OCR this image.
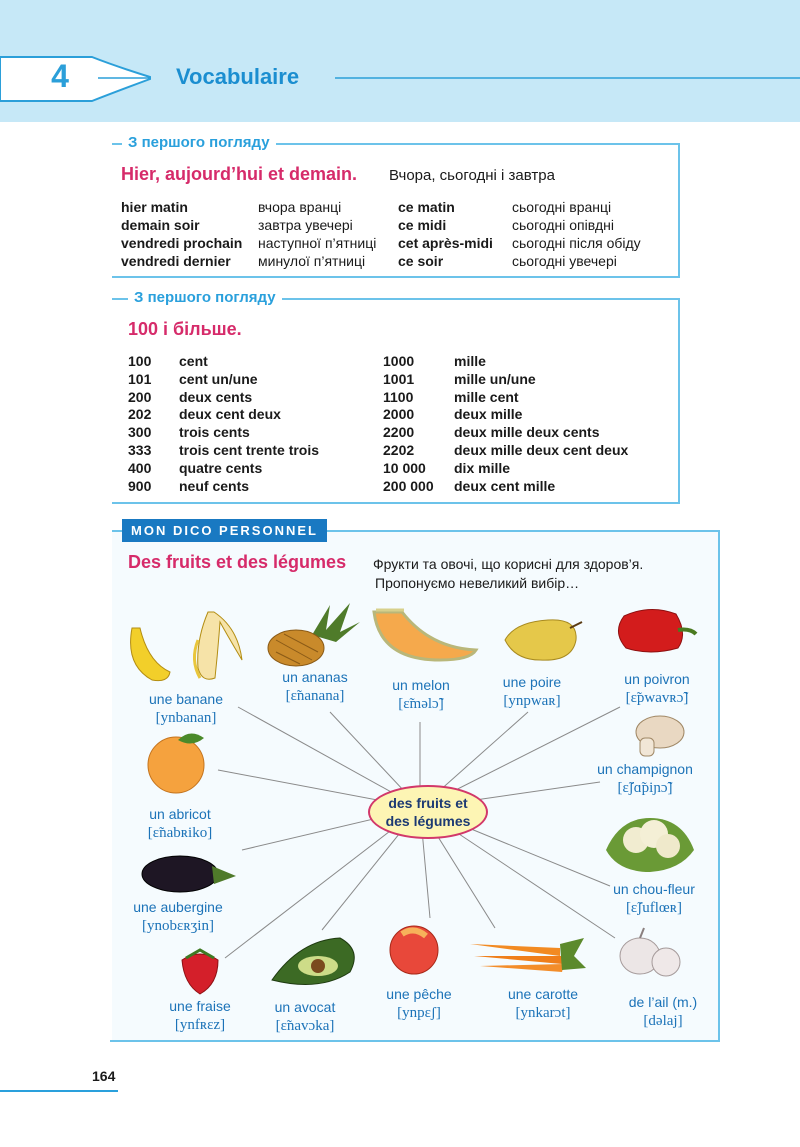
4	Vocabulaire
З першого погляду
Hier, aujourd’hui et demain. Вчора, сьогодні і завтра
hier matin	вчора вранці	ce matin	сьогодні вранці
demain soir	завтра увечері	ce midi	сьогодні опівдні
vendredi prochain наступної п’ятниці cet après-midi сьогодні після обіду
vendredi dernier минулої п’ятниці ce soir	сьогодні увечері
З першого погляду
100 і більше.
100 cent	1000	mille
101 cent un/une	1001	mille un/une
200 deux cents	1100	mille cent
202 deux cent deux	2000	deux mille
300 trois cents	2200	deux mille deux cents
333 trois cent trente trois	2202	deux mille deux cent deux
400 quatre cents	10 000 dix mille
900 neuf cents	200 000 deux cent mille
MON DICO PERSONNEL
Des fruits et des légumes Фрукти та овочі, що корисні для здоров’я.
Пропонуємо невеликий вибір…
des fruits et
des légumes
une banane
[ynbanan]
un ananas
[ɛ̃nanana]
un melon
[ɛ̃məlɔ̃]
une poire
[ynpwaʀ]
un poivron
[ɛ̃pwavʀɔ̃]
un champignon
[ɛ̃ʃɑ̃piɲɔ̃]
un chou-fleur
[ɛ̃ʃuflœʀ]
de l’ail (m.)
[dəlaj]
une carotte
[ynkarɔt]
une pêche
[ynpɛʃ]
un avocat
[ɛ̃navɔka]
une fraise
[ynfʀɛz]
une aubergine
[ynobɛʀʒin]
un abricot
[ɛ̃nabʀiko]
164
